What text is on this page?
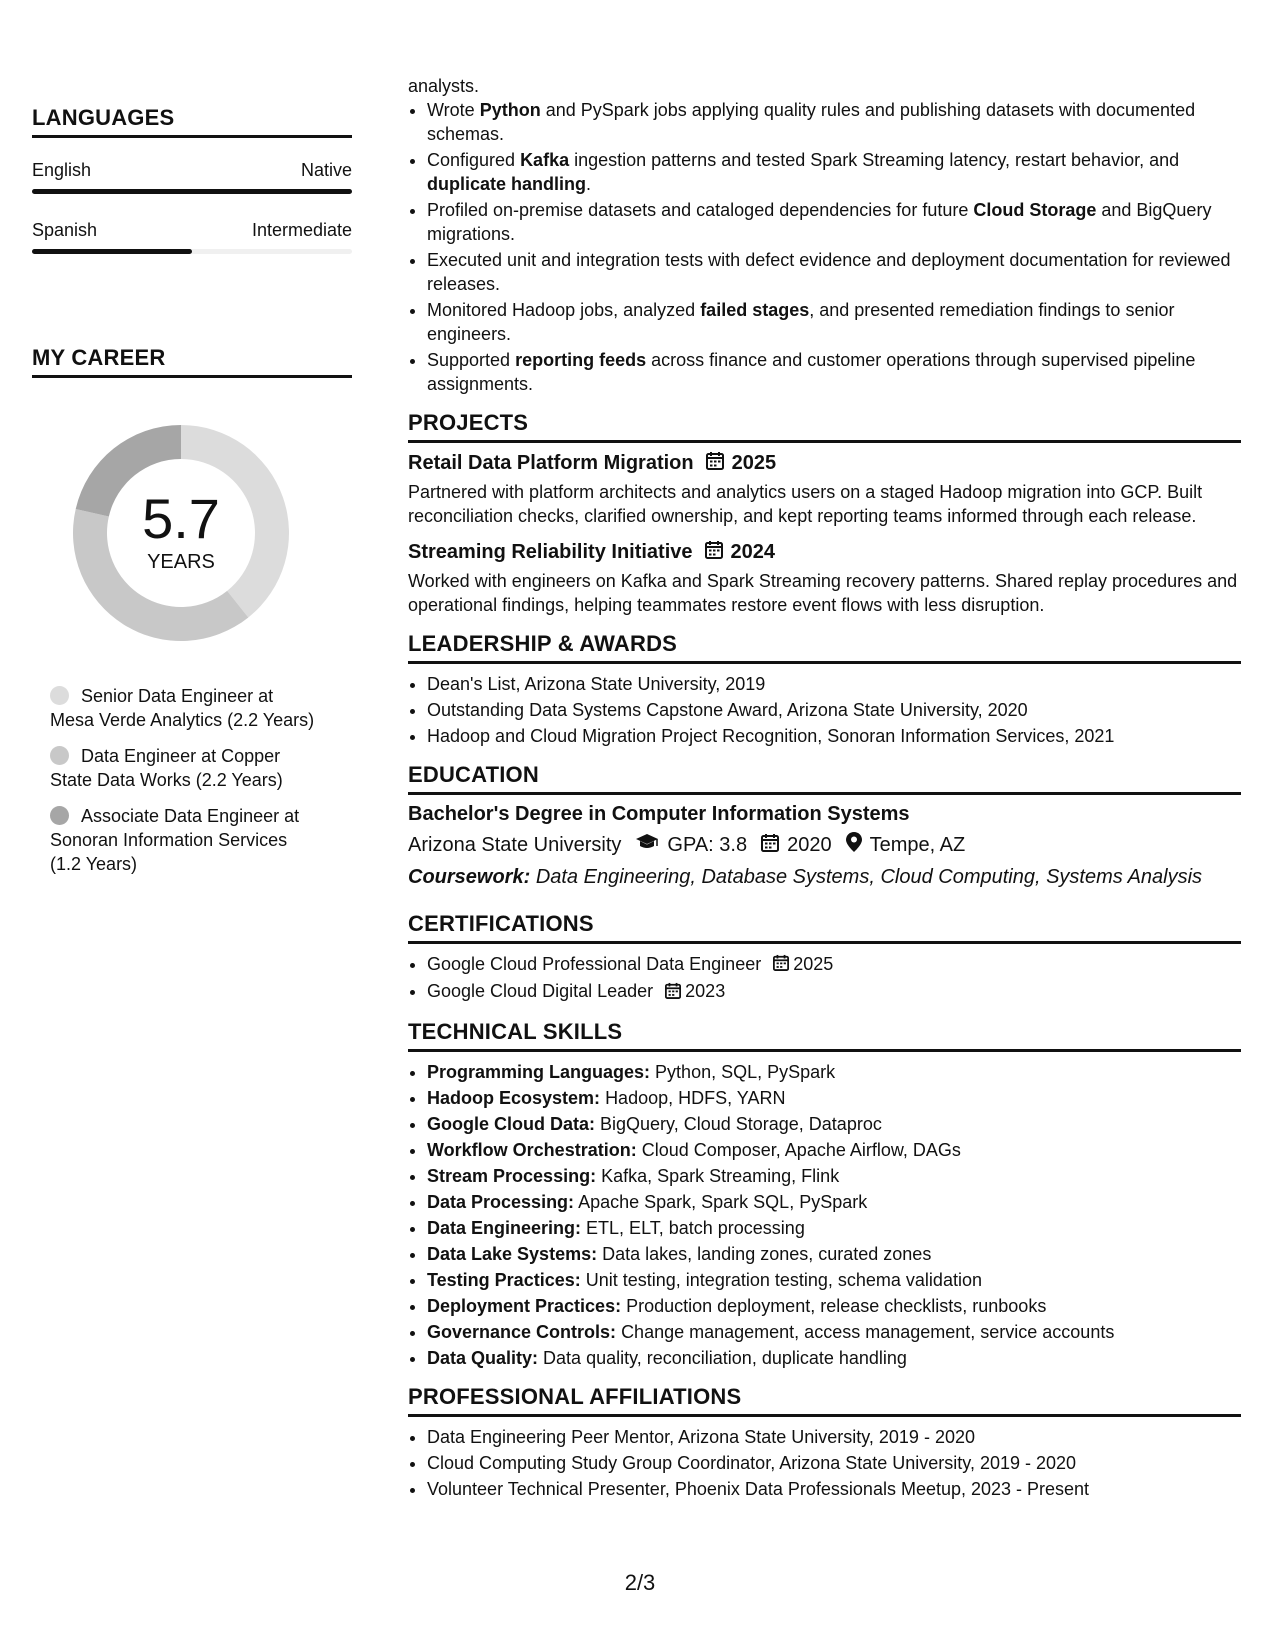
LANGUAGES
English	Native
Spanish	Intermediate
MY CAREER
5.7
YEARS
Senior Data Engineer at Mesa Verde Analytics (2.2 Years)
Data Engineer at Copper State Data Works (2.2 Years)
Associate Data Engineer at Sonoran Information Services (1.2 Years)
analysts.
• Wrote Python and PySpark jobs applying quality rules and publishing datasets with documented schemas.
• Configured Kafka ingestion patterns and tested Spark Streaming latency, restart behavior, and duplicate handling.
• Profiled on-premise datasets and cataloged dependencies for future Cloud Storage and BigQuery migrations.
• Executed unit and integration tests with defect evidence and deployment documentation for reviewed releases.
• Monitored Hadoop jobs, analyzed failed stages, and presented remediation findings to senior engineers.
• Supported reporting feeds across finance and customer operations through supervised pipeline assignments.
PROJECTS
Retail Data Platform Migration 2025
Partnered with platform architects and analytics users on a staged Hadoop migration into GCP. Built reconciliation checks, clarified ownership, and kept reporting teams informed through each release.
Streaming Reliability Initiative 2024
Worked with engineers on Kafka and Spark Streaming recovery patterns. Shared replay procedures and operational findings, helping teammates restore event flows with less disruption.
LEADERSHIP & AWARDS
• Dean's List, Arizona State University, 2019
• Outstanding Data Systems Capstone Award, Arizona State University, 2020
• Hadoop and Cloud Migration Project Recognition, Sonoran Information Services, 2021
EDUCATION
Bachelor's Degree in Computer Information Systems
Arizona State University GPA: 3.8 2020 Tempe, AZ
Coursework: Data Engineering, Database Systems, Cloud Computing, Systems Analysis
CERTIFICATIONS
• Google Cloud Professional Data Engineer 2025
• Google Cloud Digital Leader 2023
TECHNICAL SKILLS
• Programming Languages: Python, SQL, PySpark
• Hadoop Ecosystem: Hadoop, HDFS, YARN
• Google Cloud Data: BigQuery, Cloud Storage, Dataproc
• Workflow Orchestration: Cloud Composer, Apache Airflow, DAGs
• Stream Processing: Kafka, Spark Streaming, Flink
• Data Processing: Apache Spark, Spark SQL, PySpark
• Data Engineering: ETL, ELT, batch processing
• Data Lake Systems: Data lakes, landing zones, curated zones
• Testing Practices: Unit testing, integration testing, schema validation
• Deployment Practices: Production deployment, release checklists, runbooks
• Governance Controls: Change management, access management, service accounts
• Data Quality: Data quality, reconciliation, duplicate handling
PROFESSIONAL AFFILIATIONS
• Data Engineering Peer Mentor, Arizona State University, 2019 - 2020
• Cloud Computing Study Group Coordinator, Arizona State University, 2019 - 2020
• Volunteer Technical Presenter, Phoenix Data Professionals Meetup, 2023 - Present
2/3
